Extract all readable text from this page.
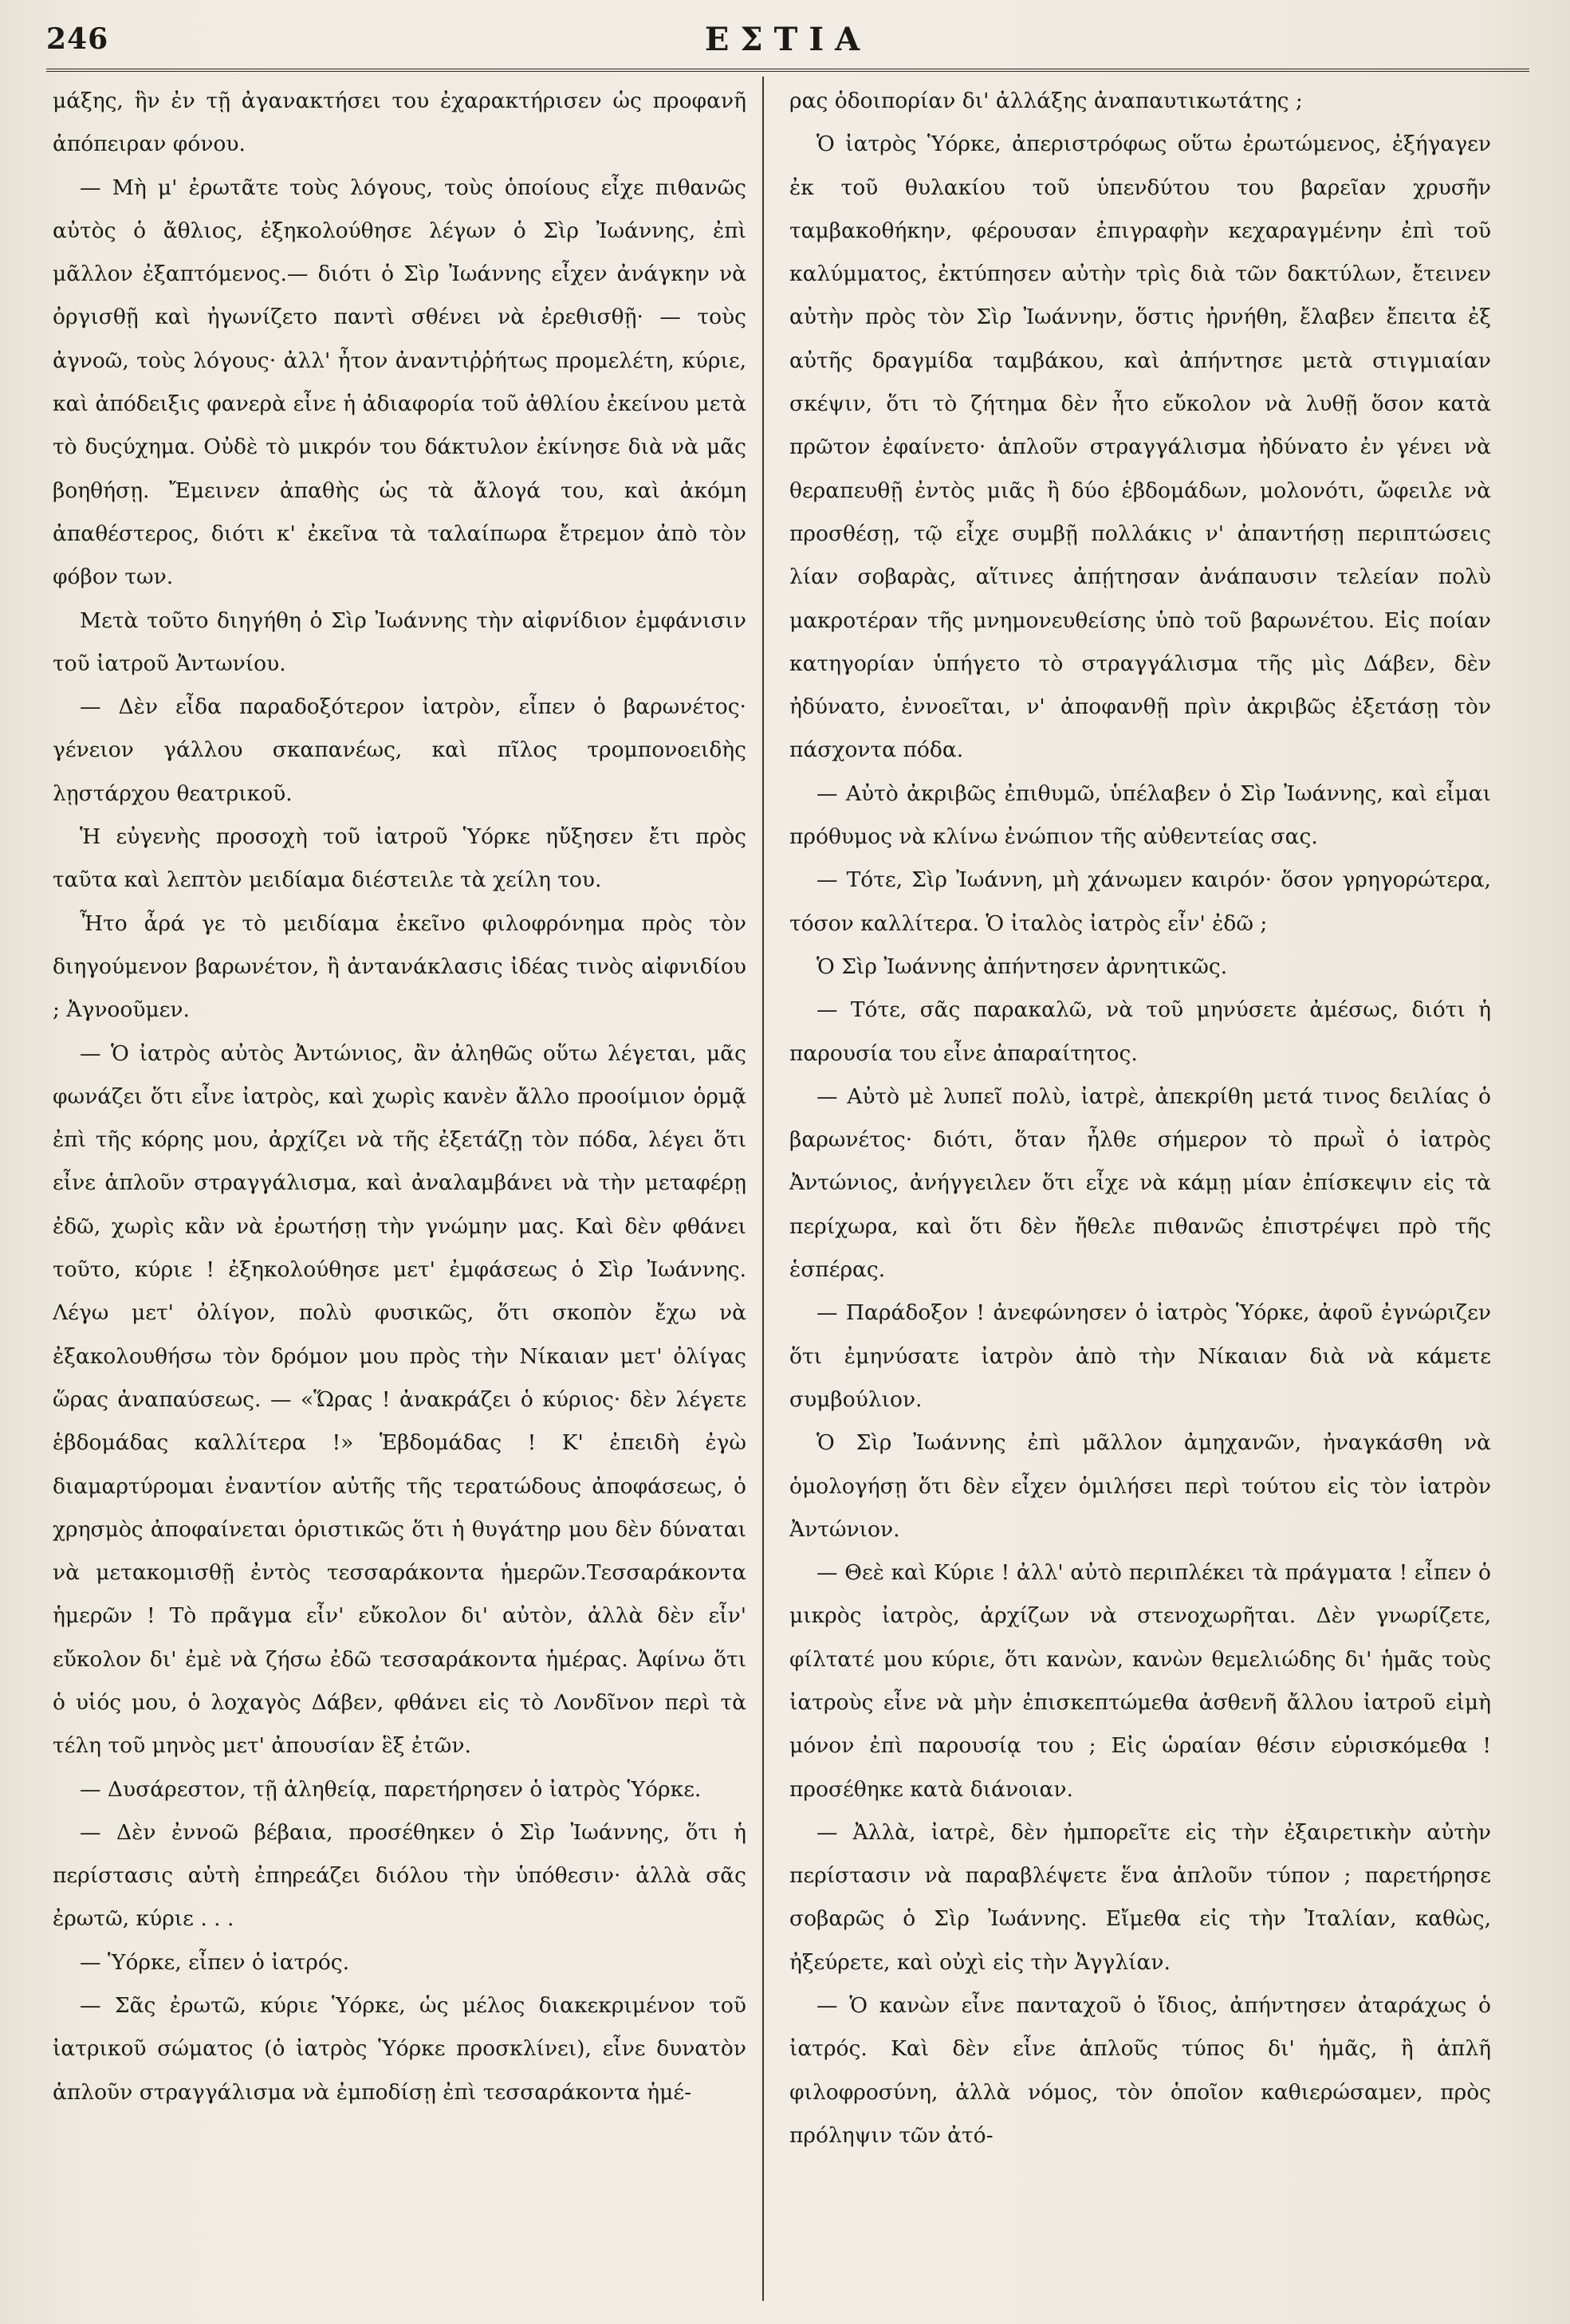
246	ΕΣΤΙΑ

μάξης, ἣν ἐν τῇ ἀγανακτήσει του ἐχαρακτήρισεν ὡς προφανῆ ἀπόπειραν φόνου.

— Μὴ μ' ἐρωτᾶτε τοὺς λόγους, τοὺς ὁποίους εἶχε πιθανῶς αὐτὸς ὁ ἄθλιος, ἐξηκολούθησε λέγων ὁ Σὶρ Ἰωάννης, ἐπὶ μᾶλλον ἐξαπτόμενος.— διότι ὁ Σὶρ Ἰωάννης εἶχεν ἀνάγκην νὰ ὀργισθῇ καὶ ἠγωνίζετο παντὶ σθένει νὰ ἐρεθισθῇ· — τοὺς ἀγνοῶ, τοὺς λόγους· ἀλλ' ἦτον ἀναντιῤῥήτως προμελέτη, κύριε, καὶ ἀπόδειξις φανερὰ εἶνε ἡ ἀδιαφορία τοῦ ἀθλίου ἐκείνου μετὰ τὸ δυςύχημα. Οὐδὲ τὸ μικρόν του δάκτυλον ἐκίνησε διὰ νὰ μᾶς βοηθήσῃ. Ἔμεινεν ἀπαθὴς ὡς τὰ ἄλογά του, καὶ ἀκόμη ἀπαθέστερος, διότι κ' ἐκεῖνα τὰ ταλαίπωρα ἔτρεμον ἀπὸ τὸν φόβον των.

Μετὰ τοῦτο διηγήθη ὁ Σὶρ Ἰωάννης τὴν αἰφνίδιον ἐμφάνισιν τοῦ ἰατροῦ Ἀντωνίου.

— Δὲν εἶδα παραδοξότερον ἰατρὸν, εἶπεν ὁ βαρωνέτος· γένειον γάλλου σκαπανέως, καὶ πῖλος τρομπονοειδὴς λῃστάρχου θεατρικοῦ.

Ἡ εὐγενὴς προσοχὴ τοῦ ἰατροῦ Ὑόρκε ηὔξησεν ἔτι πρὸς ταῦτα καὶ λεπτὸν μειδίαμα διέστειλε τὰ χείλη του.

Ἦτο ἆρά γε τὸ μειδίαμα ἐκεῖνο φιλοφρόνημα πρὸς τὸν διηγούμενον βαρωνέτον, ἢ ἀντανάκλασις ἰδέας τινὸς αἰφνιδίου ; Ἀγνοοῦμεν.

— Ὁ ἰατρὸς αὐτὸς Ἀντώνιος, ἂν ἀληθῶς οὕτω λέγεται, μᾶς φωνάζει ὅτι εἶνε ἰατρὸς, καὶ χωρὶς κανὲν ἄλλο προοίμιον ὁρμᾷ ἐπὶ τῆς κόρης μου, ἀρχίζει νὰ τῆς ἐξετάζῃ τὸν πόδα, λέγει ὅτι εἶνε ἁπλοῦν στραγγάλισμα, καὶ ἀναλαμβάνει νὰ τὴν μεταφέρῃ ἐδῶ, χωρὶς κἂν νὰ ἐρωτήσῃ τὴν γνώμην μας. Καὶ δὲν φθάνει τοῦτο, κύριε ! ἐξηκολούθησε μετ' ἐμφάσεως ὁ Σὶρ Ἰωάννης. Λέγω μετ' ὀλίγον, πολὺ φυσικῶς, ὅτι σκοπὸν ἔχω νὰ ἐξακολουθήσω τὸν δρόμον μου πρὸς τὴν Νίκαιαν μετ' ὀλίγας ὥρας ἀναπαύσεως. — «Ὥρας ! ἀνακράζει ὁ κύριος· δὲν λέγετε ἑβδομάδας καλλίτερα !» Ἑβδομάδας ! Κ' ἐπειδὴ ἐγὼ διαμαρτύρομαι ἐναντίον αὐτῆς τῆς τερατώδους ἀποφάσεως, ὁ χρησμὸς ἀποφαίνεται ὁριστικῶς ὅτι ἡ θυγάτηρ μου δὲν δύναται νὰ μετακομισθῇ ἐντὸς τεσσαράκοντα ἡμερῶν.Τεσσαράκοντα ἡμερῶν ! Τὸ πρᾶγμα εἶν' εὔκολον δι' αὐτὸν, ἀλλὰ δὲν εἶν' εὔκολον δι' ἐμὲ νὰ ζήσω ἐδῶ τεσσαράκοντα ἡμέρας. Ἀφίνω ὅτι ὁ υἱός μου, ὁ λοχαγὸς Δάβεν, φθάνει εἰς τὸ Λονδῖνον περὶ τὰ τέλη τοῦ μηνὸς μετ' ἀπουσίαν ἓξ ἐτῶν.

— Δυσάρεστον, τῇ ἀληθείᾳ, παρετήρησεν ὁ ἰατρὸς Ὑόρκε.

— Δὲν ἐννοῶ βέβαια, προσέθηκεν ὁ Σὶρ Ἰωάννης, ὅτι ἡ περίστασις αὐτὴ ἐπηρεάζει διόλου τὴν ὑπόθεσιν· ἀλλὰ σᾶς ἐρωτῶ, κύριε . . .

— Ὑόρκε, εἶπεν ὁ ἰατρός.

— Σᾶς ἐρωτῶ, κύριε Ὑόρκε, ὡς μέλος διακεκριμένον τοῦ ἰατρικοῦ σώματος (ὁ ἰατρὸς Ὑόρκε προσκλίνει), εἶνε δυνατὸν ἁπλοῦν στραγγάλισμα νὰ ἐμποδίσῃ ἐπὶ τεσσαράκοντα ἡμέ-

ρας ὁδοιπορίαν δι' ἀλλάξης ἀναπαυτικωτάτης ;

Ὁ ἰατρὸς Ὑόρκε, ἀπεριστρόφως οὕτω ἐρωτώμενος, ἐξήγαγεν ἐκ τοῦ θυλακίου τοῦ ὑπενδύτου του βαρεῖαν χρυσῆν ταμβακοθήκην, φέρουσαν ἐπιγραφὴν κεχαραγμένην ἐπὶ τοῦ καλύμματος, ἐκτύπησεν αὐτὴν τρὶς διὰ τῶν δακτύλων, ἔτεινεν αὐτὴν πρὸς τὸν Σὶρ Ἰωάννην, ὅστις ἠρνήθη, ἔλαβεν ἔπειτα ἐξ αὐτῆς δραγμίδα ταμβάκου, καὶ ἀπήντησε μετὰ στιγμιαίαν σκέψιν, ὅτι τὸ ζήτημα δὲν ἦτο εὔκολον νὰ λυθῇ ὅσον κατὰ πρῶτον ἐφαίνετο· ἁπλοῦν στραγγάλισμα ἠδύνατο ἐν γένει νὰ θεραπευθῇ ἐντὸς μιᾶς ἢ δύο ἑβδομάδων, μολονότι, ὤφειλε νὰ προσθέσῃ, τῷ εἶχε συμβῇ πολλάκις ν' ἀπαντήσῃ περιπτώσεις λίαν σοβαρὰς, αἵτινες ἀπῄτησαν ἀνάπαυσιν τελείαν πολὺ μακροτέραν τῆς μνημονευθείσης ὑπὸ τοῦ βαρωνέτου. Εἰς ποίαν κατηγορίαν ὑπήγετο τὸ στραγγάλισμα τῆς μὶς Δάβεν, δὲν ἠδύνατο, ἐννοεῖται, ν' ἀποφανθῇ πρὶν ἀκριβῶς ἐξετάσῃ τὸν πάσχοντα πόδα.

— Αὐτὸ ἀκριβῶς ἐπιθυμῶ, ὑπέλαβεν ὁ Σὶρ Ἰωάννης, καὶ εἶμαι πρόθυμος νὰ κλίνω ἐνώπιον τῆς αὐθεντείας σας.

— Τότε, Σὶρ Ἰωάννη, μὴ χάνωμεν καιρόν· ὅσον γρηγορώτερα, τόσον καλλίτερα. Ὁ ἰταλὸς ἰατρὸς εἶν' ἐδῶ ;

Ὁ Σὶρ Ἰωάννης ἀπήντησεν ἀρνητικῶς.

— Τότε, σᾶς παρακαλῶ, νὰ τοῦ μηνύσετε ἀμέσως, διότι ἡ παρουσία του εἶνε ἀπαραίτητος.

— Αὐτὸ μὲ λυπεῖ πολὺ, ἰατρὲ, ἀπεκρίθη μετά τινος δειλίας ὁ βαρωνέτος· διότι, ὅταν ἦλθε σήμερον τὸ πρωῒ ὁ ἰατρὸς Ἀντώνιος, ἀνήγγειλεν ὅτι εἶχε νὰ κάμῃ μίαν ἐπίσκεψιν εἰς τὰ περίχωρα, καὶ ὅτι δὲν ἤθελε πιθανῶς ἐπιστρέψει πρὸ τῆς ἑσπέρας.

— Παράδοξον ! ἀνεφώνησεν ὁ ἰατρὸς Ὑόρκε, ἀφοῦ ἐγνώριζεν ὅτι ἐμηνύσατε ἰατρὸν ἀπὸ τὴν Νίκαιαν διὰ νὰ κάμετε συμβούλιον.

Ὁ Σὶρ Ἰωάννης ἐπὶ μᾶλλον ἀμηχανῶν, ἠναγκάσθη νὰ ὁμολογήσῃ ὅτι δὲν εἶχεν ὁμιλήσει περὶ τούτου εἰς τὸν ἰατρὸν Ἀντώνιον.

— Θεὲ καὶ Κύριε ! ἀλλ' αὐτὸ περιπλέκει τὰ πράγματα ! εἶπεν ὁ μικρὸς ἰατρὸς, ἀρχίζων νὰ στενοχωρῆται. Δὲν γνωρίζετε, φίλτατέ μου κύριε, ὅτι κανὼν, κανὼν θεμελιώδης δι' ἡμᾶς τοὺς ἰατροὺς εἶνε νὰ μὴν ἐπισκεπτώμεθα ἀσθενῆ ἄλλου ἰατροῦ εἰμὴ μόνον ἐπὶ παρουσίᾳ του ; Εἰς ὡραίαν θέσιν εὑρισκόμεθα ! προσέθηκε κατὰ διάνοιαν.

— Ἀλλὰ, ἰατρὲ, δὲν ἠμπορεῖτε εἰς τὴν ἐξαιρετικὴν αὐτὴν περίστασιν νὰ παραβλέψετε ἕνα ἁπλοῦν τύπον ; παρετήρησε σοβαρῶς ὁ Σὶρ Ἰωάννης. Εἴμεθα εἰς τὴν Ἰταλίαν, καθὼς, ἠξεύρετε, καὶ οὐχὶ εἰς τὴν Ἀγγλίαν.

— Ὁ κανὼν εἶνε πανταχοῦ ὁ ἴδιος, ἀπήντησεν ἀταράχως ὁ ἰατρός. Καὶ δὲν εἶνε ἁπλοῦς τύπος δι' ἡμᾶς, ἢ ἁπλῆ φιλοφροσύνη, ἀλλὰ νόμος, τὸν ὁποῖον καθιερώσαμεν, πρὸς πρόληψιν τῶν ἀτό-
